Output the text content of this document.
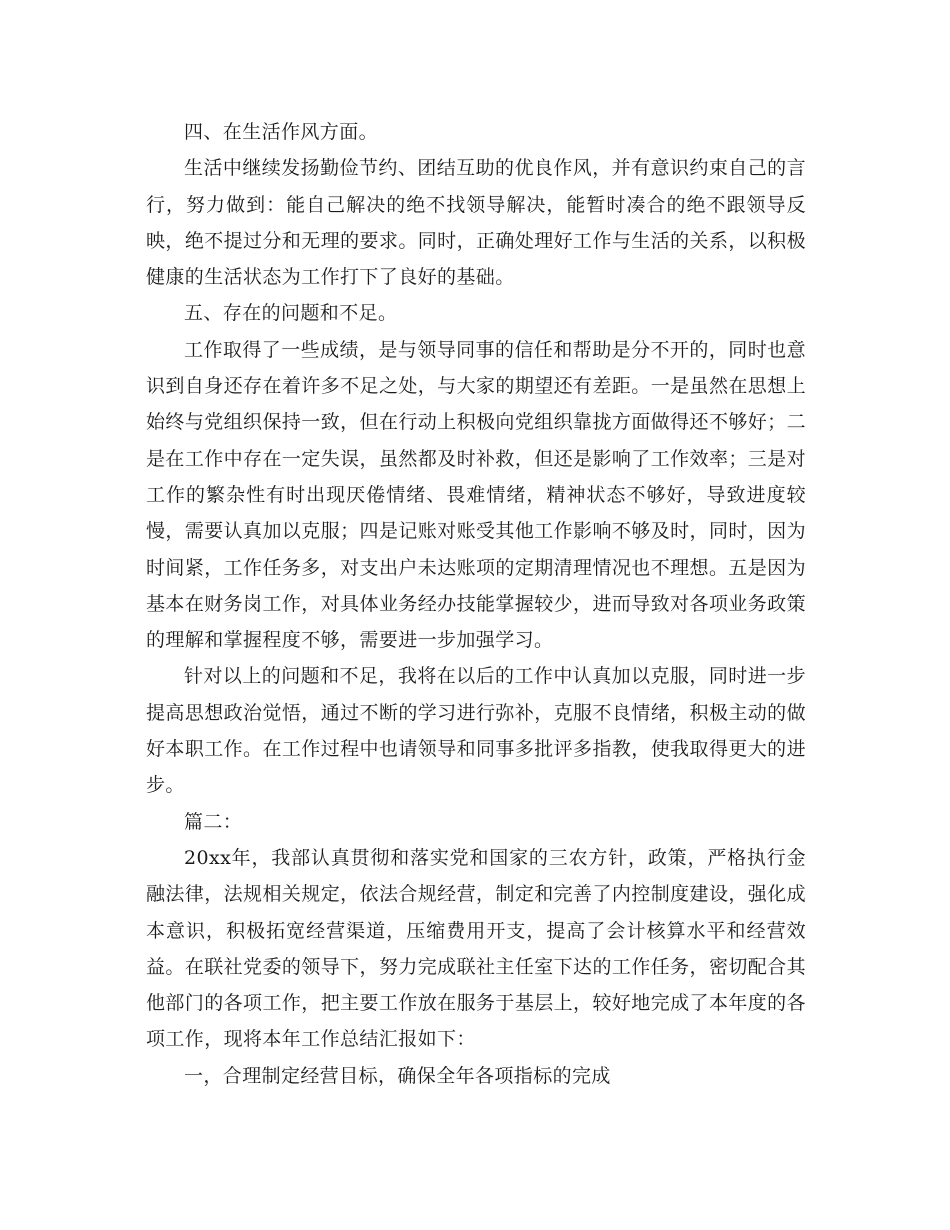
四、在生活作风方面。

生活中继续发扬勤俭节约、团结互助的优良作风，并有意识约束自己的言行，努力做到：能自己解决的绝不找领导解决，能暂时凑合的绝不跟领导反映，绝不提过分和无理的要求。同时，正确处理好工作与生活的关系，以积极健康的生活状态为工作打下了良好的基础。

五、存在的问题和不足。

工作取得了一些成绩，是与领导同事的信任和帮助是分不开的，同时也意识到自身还存在着许多不足之处，与大家的期望还有差距。一是虽然在思想上始终与党组织保持一致，但在行动上积极向党组织靠拢方面做得还不够好；二是在工作中存在一定失误，虽然都及时补救，但还是影响了工作效率；三是对工作的繁杂性有时出现厌倦情绪、畏难情绪，精神状态不够好，导致进度较慢，需要认真加以克服；四是记账对账受其他工作影响不够及时，同时，因为时间紧，工作任务多，对支出户未达账项的定期清理情况也不理想。五是因为基本在财务岗工作，对具体业务经办技能掌握较少，进而导致对各项业务政策的理解和掌握程度不够，需要进一步加强学习。

针对以上的问题和不足，我将在以后的工作中认真加以克服，同时进一步提高思想政治觉悟，通过不断的学习进行弥补，克服不良情绪，积极主动的做好本职工作。在工作过程中也请领导和同事多批评多指教，使我取得更大的进步。

篇二：

20xx年，我部认真贯彻和落实党和国家的三农方针，政策，严格执行金融法律，法规相关规定，依法合规经营，制定和完善了内控制度建设，强化成本意识，积极拓宽经营渠道，压缩费用开支，提高了会计核算水平和经营效益。在联社党委的领导下，努力完成联社主任室下达的工作任务，密切配合其他部门的各项工作，把主要工作放在服务于基层上，较好地完成了本年度的各项工作，现将本年工作总结汇报如下：

一，合理制定经营目标，确保全年各项指标的完成
